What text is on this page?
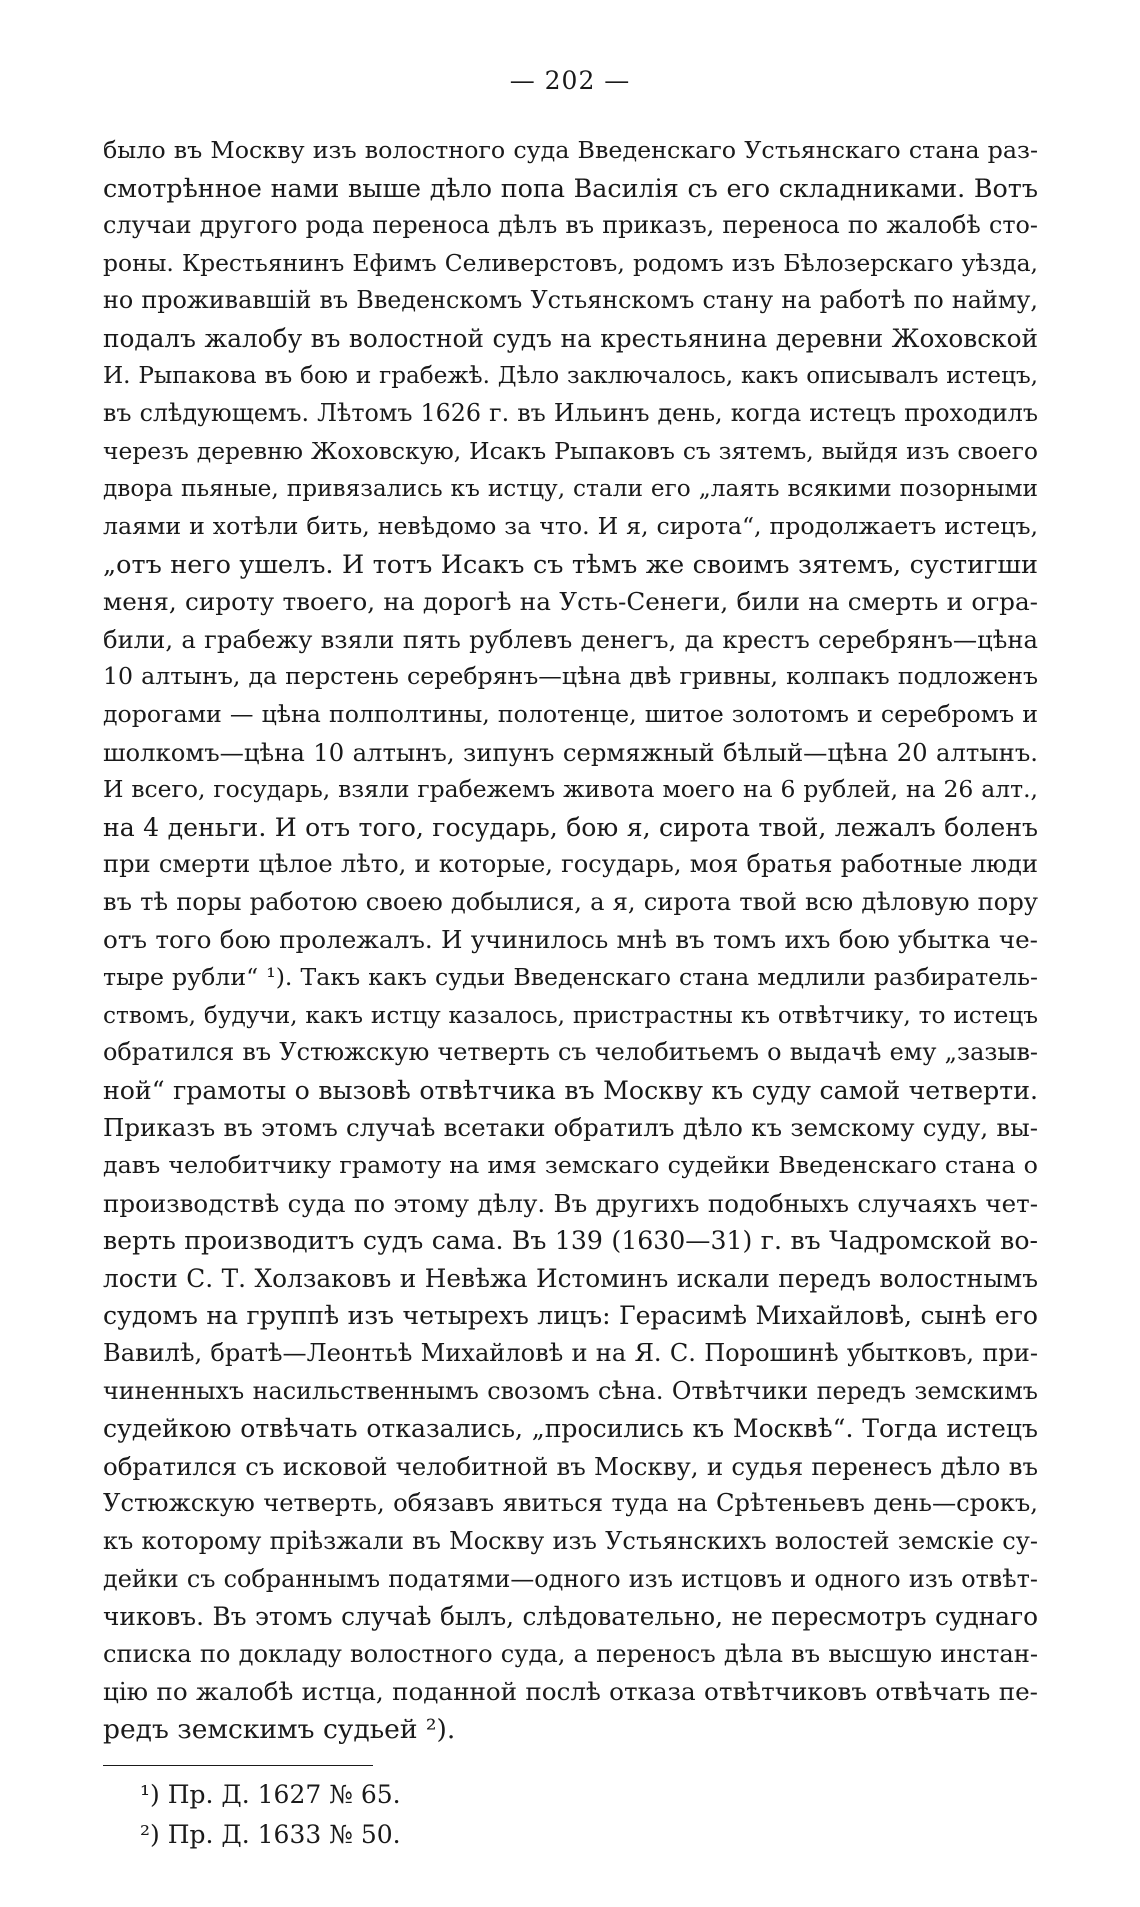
— 202 —
было въ Москву изъ волостного суда Введенскаго Устьянскаго стана раз-
смотрѣнное нами выше дѣло попа Василія съ его складниками. Вотъ
случаи другого рода переноса дѣлъ въ приказъ, переноса по жалобѣ сто-
роны. Крестьянинъ Ефимъ Селиверстовъ, родомъ изъ Бѣлозерскаго уѣзда,
но проживавшій въ Введенскомъ Устьянскомъ стану на работѣ по найму,
подалъ жалобу въ волостной судъ на крестьянина деревни Жоховской
И. Рыпакова въ бою и грабежѣ. Дѣло заключалось, какъ описывалъ истецъ,
въ слѣдующемъ. Лѣтомъ 1626 г. въ Ильинъ день, когда истецъ проходилъ
черезъ деревню Жоховскую, Исакъ Рыпаковъ съ зятемъ, выйдя изъ своего
двора пьяные, привязались къ истцу, стали его „лаять всякими позорными
лаями и хотѣли бить, невѣдомо за что. И я, сирота“, продолжаетъ истецъ,
„отъ него ушелъ. И тотъ Исакъ съ тѣмъ же своимъ зятемъ, сустигши
меня, сироту твоего, на дорогѣ на Усть-Сенеги, били на смерть и огра-
били, а грабежу взяли пять рублевъ денегъ, да крестъ серебрянъ—цѣна
10 алтынъ, да перстень серебрянъ—цѣна двѣ гривны, колпакъ подложенъ
дорогами — цѣна полполтины, полотенце, шитое золотомъ и серебромъ и
шолкомъ—цѣна 10 алтынъ, зипунъ сермяжный бѣлый—цѣна 20 алтынъ.
И всего, государь, взяли грабежемъ живота моего на 6 рублей, на 26 алт.,
на 4 деньги. И отъ того, государь, бою я, сирота твой, лежалъ боленъ
при смерти цѣлое лѣто, и которые, государь, моя братья работные люди
въ тѣ поры работою своею добылися, а я, сирота твой всю дѣловую пору
отъ того бою пролежалъ. И учинилось мнѣ въ томъ ихъ бою убытка че-
тыре рубли“ ¹). Такъ какъ судьи Введенскаго стана медлили разбиратель-
ствомъ, будучи, какъ истцу казалось, пристрастны къ отвѣтчику, то истецъ
обратился въ Устюжскую четверть съ челобитьемъ о выдачѣ ему „зазыв-
ной“ грамоты о вызовѣ отвѣтчика въ Москву къ суду самой четверти.
Приказъ въ этомъ случаѣ всетаки обратилъ дѣло къ земскому суду, вы-
давъ челобитчику грамоту на имя земскаго судейки Введенскаго стана о
производствѣ суда по этому дѣлу. Въ другихъ подобныхъ случаяхъ чет-
верть производитъ судъ сама. Въ 139 (1630—31) г. въ Чадромской во-
лости С. Т. Холзаковъ и Невѣжа Истоминъ искали передъ волостнымъ
судомъ на группѣ изъ четырехъ лицъ: Герасимѣ Михайловѣ, сынѣ его
Вавилѣ, братѣ—Леонтьѣ Михайловѣ и на Я. С. Порошинѣ убытковъ, при-
чиненныхъ насильственнымъ свозомъ сѣна. Отвѣтчики передъ земскимъ
судейкою отвѣчать отказались, „просились къ Москвѣ“. Тогда истецъ
обратился съ исковой челобитной въ Москву, и судья перенесъ дѣло въ
Устюжскую четверть, обязавъ явиться туда на Срѣтеньевъ день—срокъ,
къ которому пріѣзжали въ Москву изъ Устьянскихъ волостей земскіе су-
дейки съ собраннымъ податями—одного изъ истцовъ и одного изъ отвѣт-
чиковъ. Въ этомъ случаѣ былъ, слѣдовательно, не пересмотръ суднаго
списка по докладу волостного суда, а переносъ дѣла въ высшую инстан-
цію по жалобѣ истца, поданной послѣ отказа отвѣтчиковъ отвѣчать пе-
редъ земскимъ судьей ²).
¹) Пр. Д. 1627 № 65.
²) Пр. Д. 1633 № 50.
